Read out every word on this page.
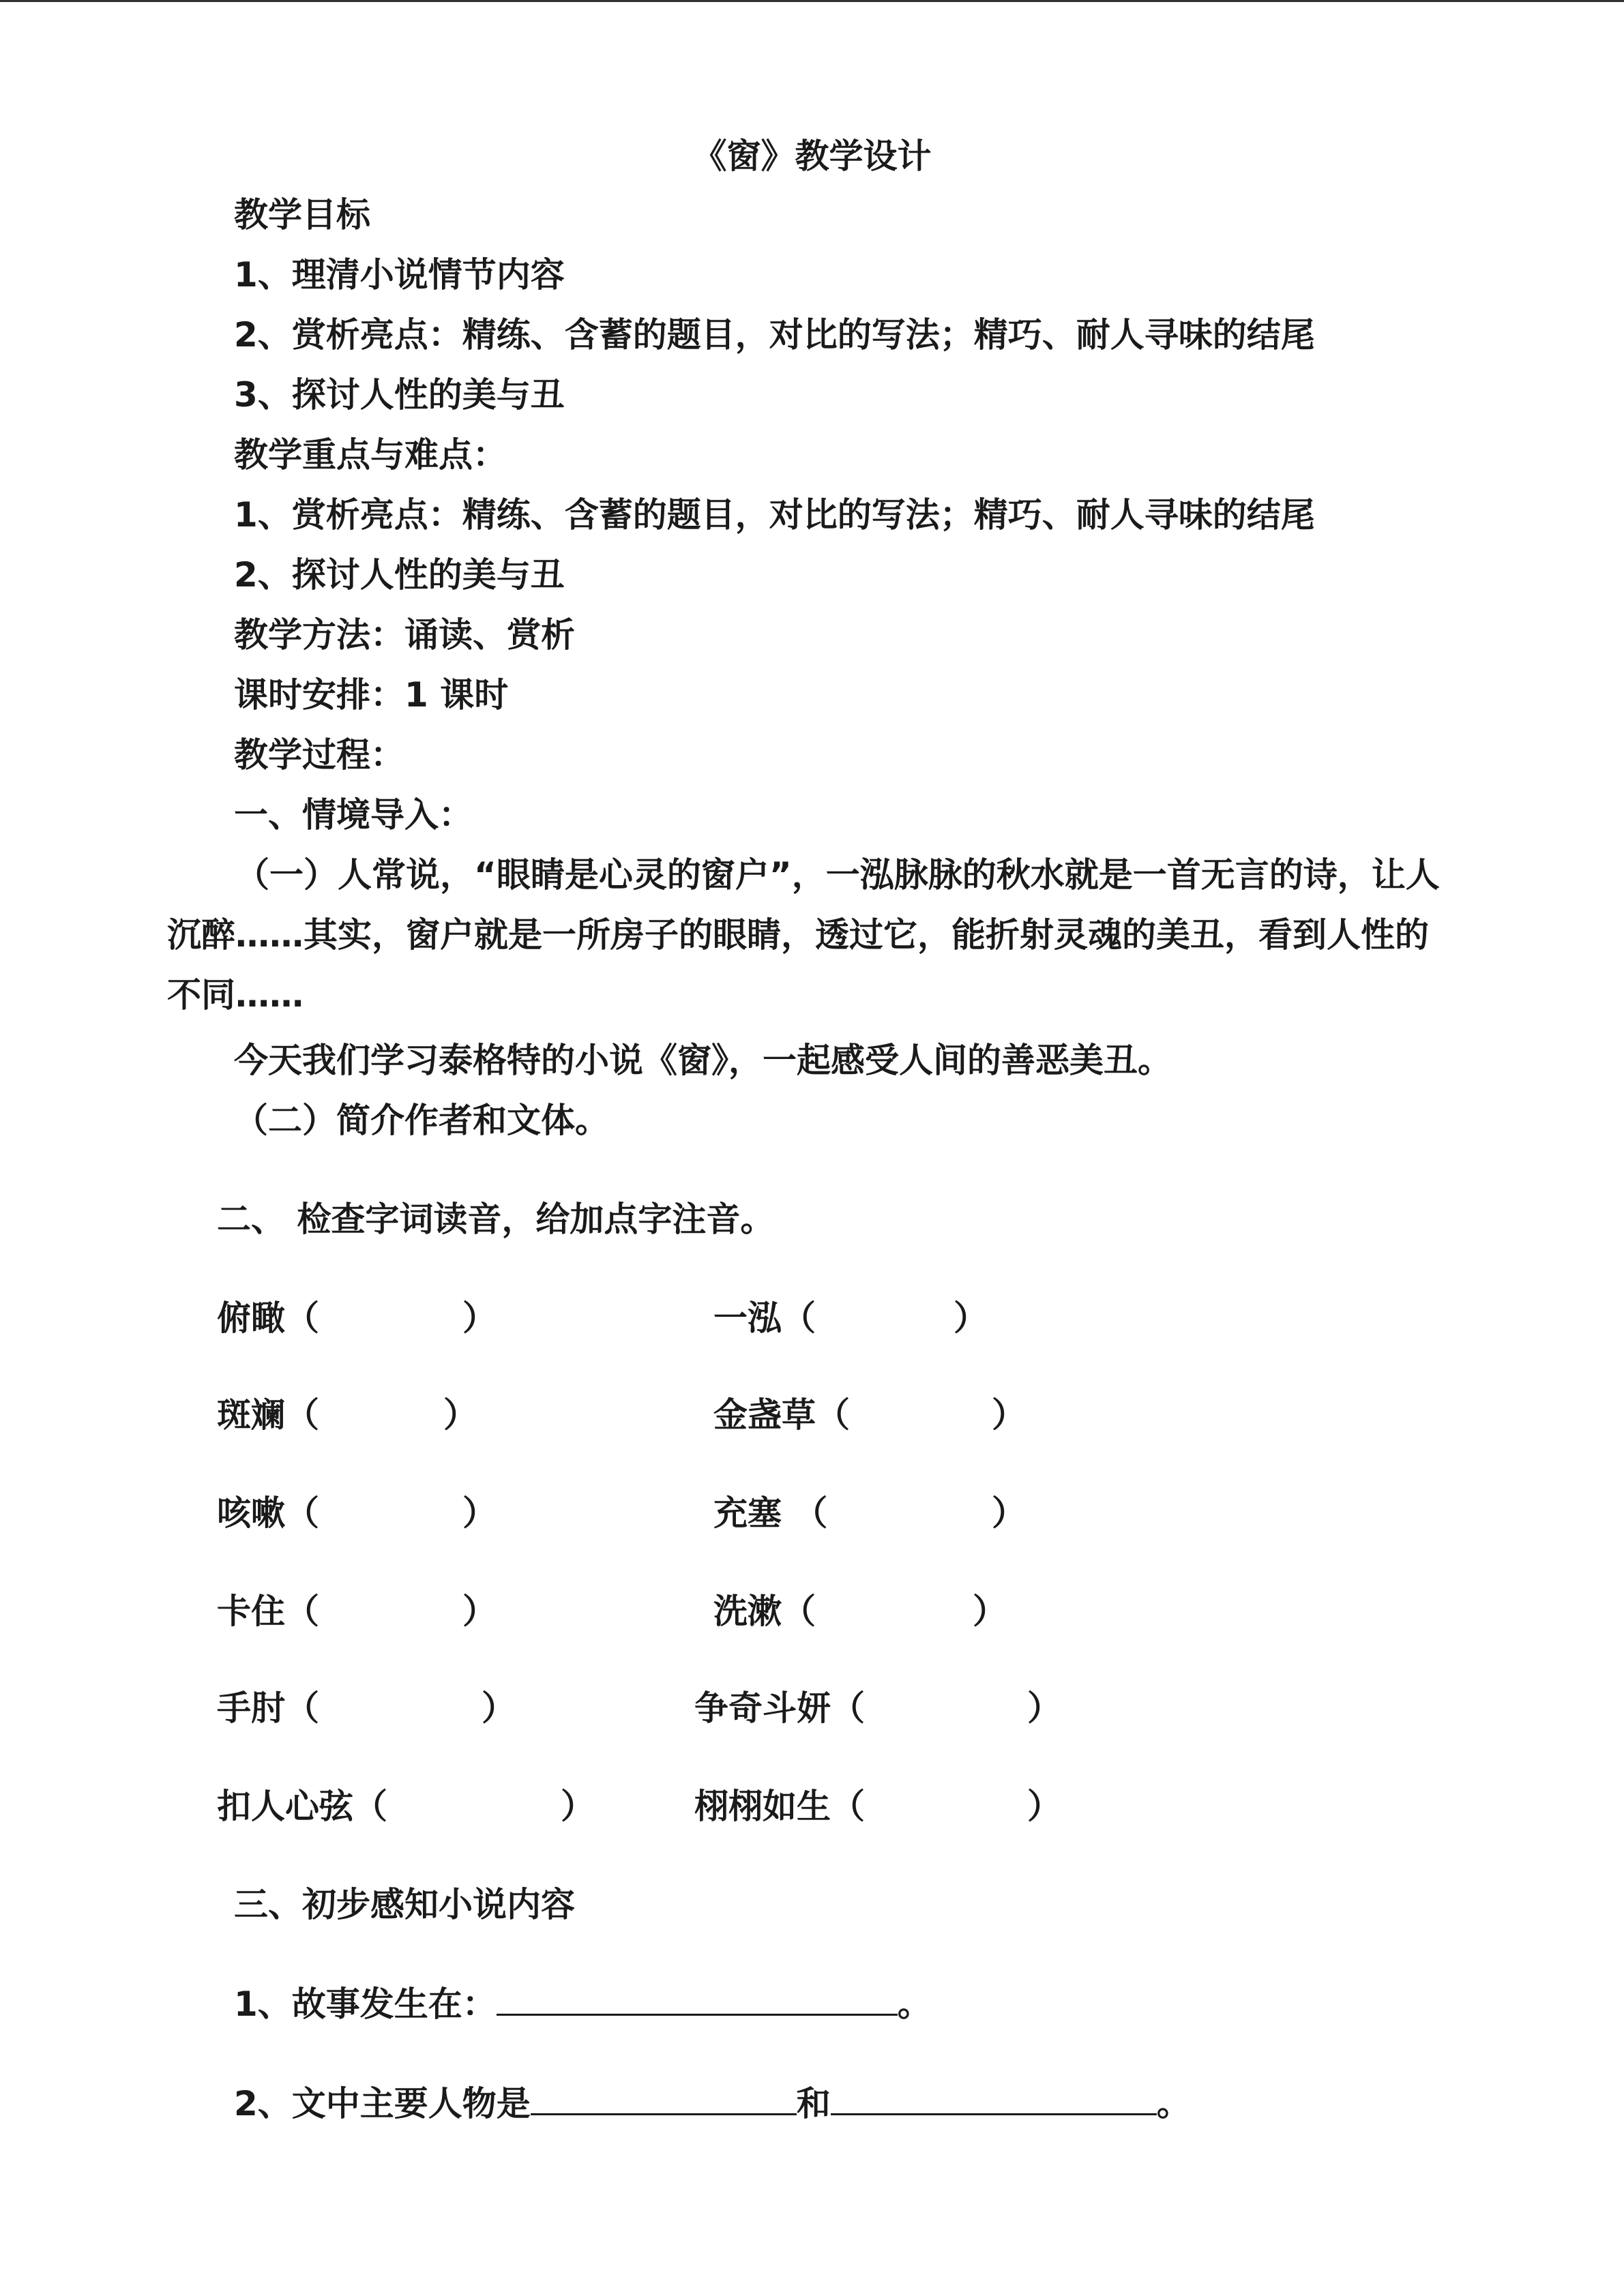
《窗》教学设计
教学目标
1、理清小说情节内容
2、赏析亮点：精练、含蓄的题目，对比的写法；精巧、耐人寻味的结尾
3、探讨人性的美与丑
教学重点与难点：
1、赏析亮点：精练、含蓄的题目，对比的写法；精巧、耐人寻味的结尾
2、探讨人性的美与丑
教学方法：诵读、赏析
课时安排：1 课时
教学过程：
一、情境导入：
（一）人常说，“眼睛是心灵的窗户”，一泓脉脉的秋水就是一首无言的诗，让人沉醉……其实，窗户就是一所房子的眼睛，透过它，能折射灵魂的美丑，看到人性的不同……
今天我们学习泰格特的小说《窗》，一起感受人间的善恶美丑。
（二）简介作者和文体。
二、 检查字词读音，给加点字注音。
俯瞰（	）	一泓（	）
斑斓（	）	金盏草（	）
咳嗽（	）	充塞 （	）
卡住（	）	洗漱（	）
手肘（	）	争奇斗妍（	）
扣人心弦（	）	栩栩如生（	）
三、初步感知小说内容
1、故事发生在：	。
2、文中主要人物是	和	。
